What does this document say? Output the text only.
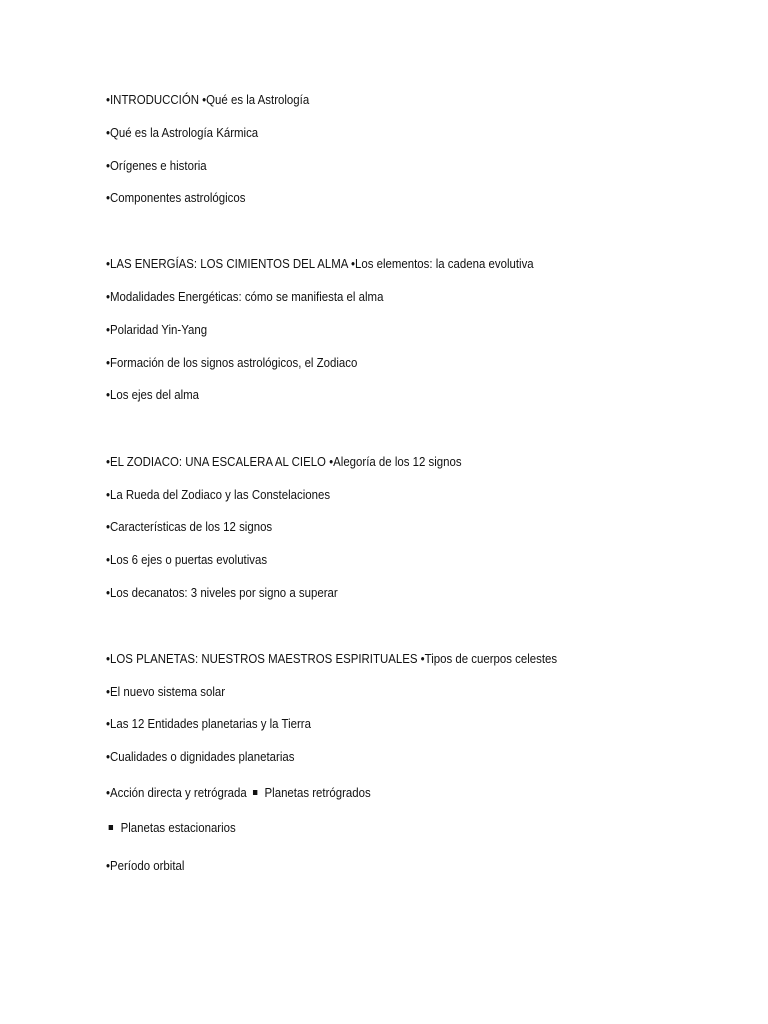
•INTRODUCCIÓN •Qué es la Astrología
•Qué es la Astrología Kármica
•Orígenes e historia
•Componentes astrológicos
•LAS ENERGÍAS: LOS CIMIENTOS DEL ALMA •Los elementos: la cadena evolutiva
•Modalidades Energéticas: cómo se manifiesta el alma
•Polaridad Yin-Yang
•Formación de los signos astrológicos, el Zodiaco
•Los ejes del alma
•EL ZODIACO: UNA ESCALERA AL CIELO •Alegoría de los 12 signos
•La Rueda del Zodiaco y las Constelaciones
•Características de los 12 signos
•Los 6 ejes o puertas evolutivas
•Los decanatos: 3 niveles por signo a superar
•LOS PLANETAS: NUESTROS MAESTROS ESPIRITUALES •Tipos de cuerpos celestes
•El nuevo sistema solar
•Las 12 Entidades planetarias y la Tierra
•Cualidades o dignidades planetarias
•Acción directa y retrógrada Planetas retrógrados
Planetas estacionarios
•Período orbital
